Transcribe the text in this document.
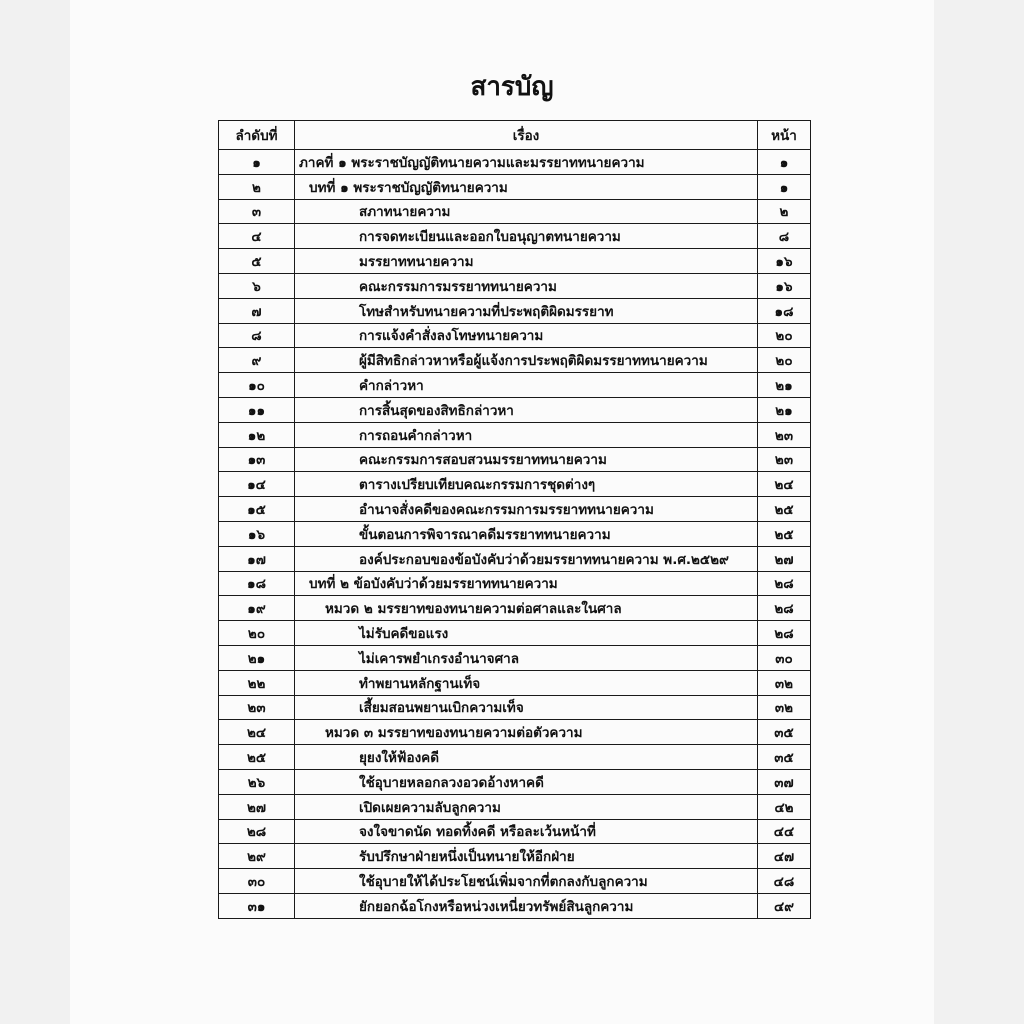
สารบัญ
ลำดับที่	เรื่อง	หน้า
๑	ภาคที่ ๑ พระราชบัญญัติทนายความและมรรยาททนายความ	๑
๒	บทที่ ๑ พระราชบัญญัติทนายความ	๑
๓	สภาทนายความ	๒
๔	การจดทะเบียนและออกใบอนุญาตทนายความ	๘
๕	มรรยาททนายความ	๑๖
๖	คณะกรรมการมรรยาททนายความ	๑๖
๗	โทษสำหรับทนายความที่ประพฤติผิดมรรยาท	๑๘
๘	การแจ้งคำสั่งลงโทษทนายความ	๒๐
๙	ผู้มีสิทธิกล่าวหาหรือผู้แจ้งการประพฤติผิดมรรยาททนายความ	๒๐
๑๐	คำกล่าวหา	๒๑
๑๑	การสิ้นสุดของสิทธิกล่าวหา	๒๑
๑๒	การถอนคำกล่าวหา	๒๓
๑๓	คณะกรรมการสอบสวนมรรยาททนายความ	๒๓
๑๔	ตารางเปรียบเทียบคณะกรรมการชุดต่างๆ	๒๔
๑๕	อำนาจสั่งคดีของคณะกรรมการมรรยาททนายความ	๒๕
๑๖	ขั้นตอนการพิจารณาคดีมรรยาททนายความ	๒๕
๑๗	องค์ประกอบของข้อบังคับว่าด้วยมรรยาททนายความ พ.ศ.๒๕๒๙	๒๗
๑๘	บทที่ ๒ ข้อบังคับว่าด้วยมรรยาททนายความ	๒๘
๑๙	หมวด ๒ มรรยาทของทนายความต่อศาลและในศาล	๒๘
๒๐	ไม่รับคดีขอแรง	๒๘
๒๑	ไม่เคารพยำเกรงอำนาจศาล	๓๐
๒๒	ทำพยานหลักฐานเท็จ	๓๒
๒๓	เสี้ยมสอนพยานเบิกความเท็จ	๓๒
๒๔	หมวด ๓ มรรยาทของทนายความต่อตัวความ	๓๕
๒๕	ยุยงให้ฟ้องคดี	๓๕
๒๖	ใช้อุบายหลอกลวงอวดอ้างหาคดี	๓๗
๒๗	เปิดเผยความลับลูกความ	๔๒
๒๘	จงใจขาดนัด ทอดทิ้งคดี หรือละเว้นหน้าที่	๔๔
๒๙	รับปรึกษาฝ่ายหนึ่งเป็นทนายให้อีกฝ่าย	๔๗
๓๐	ใช้อุบายให้ได้ประโยชน์เพิ่มจากที่ตกลงกับลูกความ	๔๘
๓๑	ยักยอกฉ้อโกงหรือหน่วงเหนี่ยวทรัพย์สินลูกความ	๔๙
